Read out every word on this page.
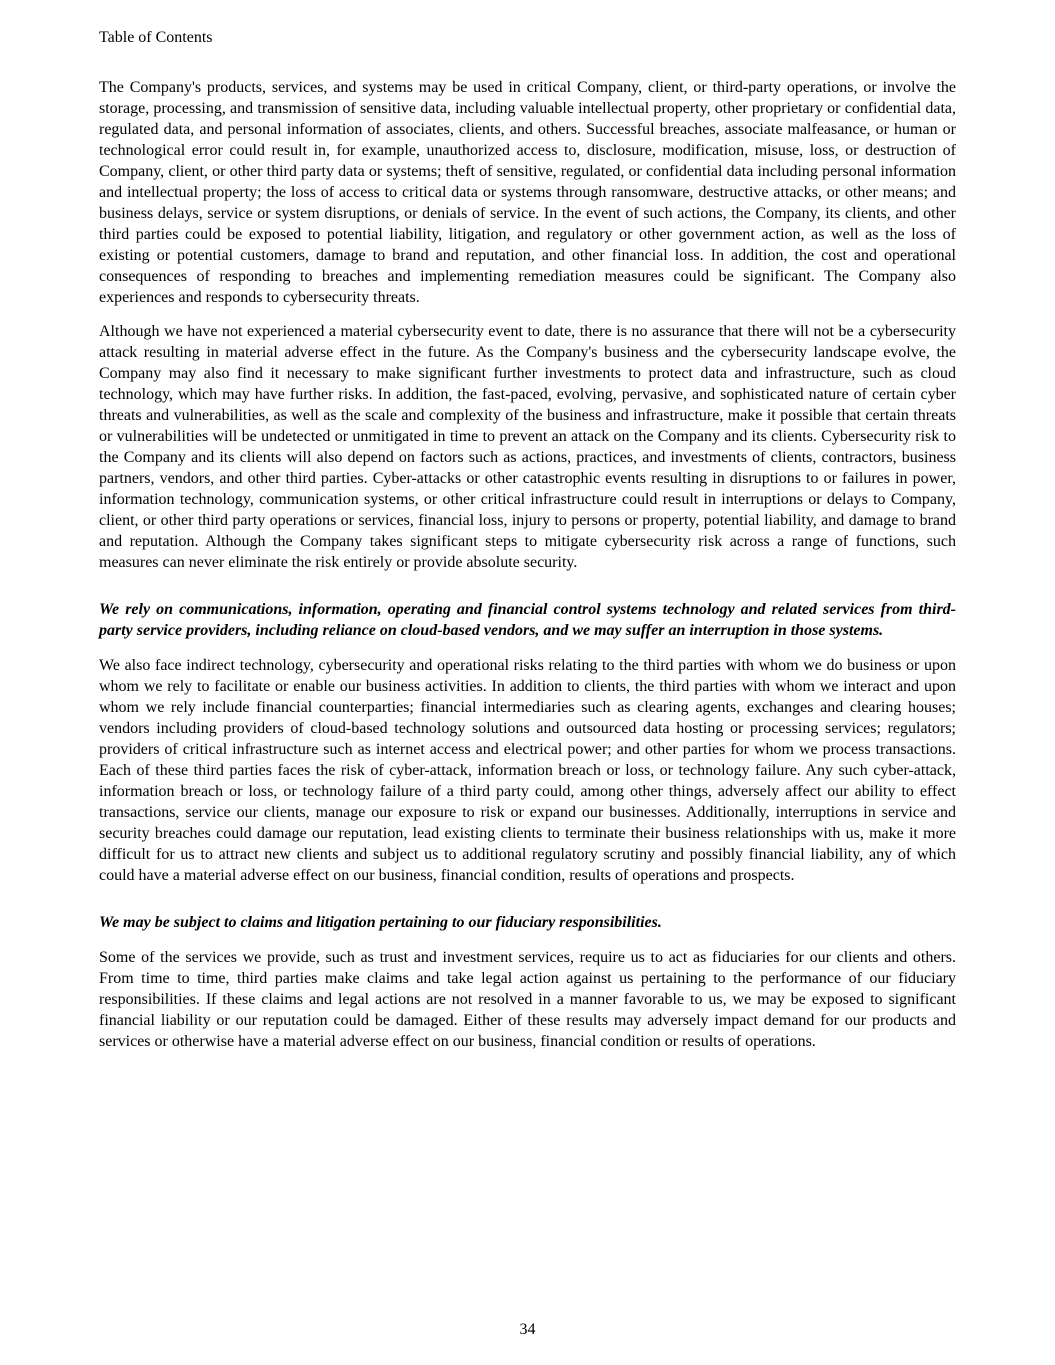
Table of Contents

The Company's products, services, and systems may be used in critical Company, client, or third-party operations, or involve the storage, processing, and transmission of sensitive data, including valuable intellectual property, other proprietary or confidential data, regulated data, and personal information of associates, clients, and others. Successful breaches, associate malfeasance, or human or technological error could result in, for example, unauthorized access to, disclosure, modification, misuse, loss, or destruction of Company, client, or other third party data or systems; theft of sensitive, regulated, or confidential data including personal information and intellectual property; the loss of access to critical data or systems through ransomware, destructive attacks, or other means; and business delays, service or system disruptions, or denials of service. In the event of such actions, the Company, its clients, and other third parties could be exposed to potential liability, litigation, and regulatory or other government action, as well as the loss of existing or potential customers, damage to brand and reputation, and other financial loss. In addition, the cost and operational consequences of responding to breaches and implementing remediation measures could be significant. The Company also experiences and responds to cybersecurity threats.

Although we have not experienced a material cybersecurity event to date, there is no assurance that there will not be a cybersecurity attack resulting in material adverse effect in the future. As the Company's business and the cybersecurity landscape evolve, the Company may also find it necessary to make significant further investments to protect data and infrastructure, such as cloud technology, which may have further risks. In addition, the fast-paced, evolving, pervasive, and sophisticated nature of certain cyber threats and vulnerabilities, as well as the scale and complexity of the business and infrastructure, make it possible that certain threats or vulnerabilities will be undetected or unmitigated in time to prevent an attack on the Company and its clients. Cybersecurity risk to the Company and its clients will also depend on factors such as actions, practices, and investments of clients, contractors, business partners, vendors, and other third parties. Cyber-attacks or other catastrophic events resulting in disruptions to or failures in power, information technology, communication systems, or other critical infrastructure could result in interruptions or delays to Company, client, or other third party operations or services, financial loss, injury to persons or property, potential liability, and damage to brand and reputation. Although the Company takes significant steps to mitigate cybersecurity risk across a range of functions, such measures can never eliminate the risk entirely or provide absolute security.

We rely on communications, information, operating and financial control systems technology and related services from third-party service providers, including reliance on cloud-based vendors, and we may suffer an interruption in those systems.

We also face indirect technology, cybersecurity and operational risks relating to the third parties with whom we do business or upon whom we rely to facilitate or enable our business activities. In addition to clients, the third parties with whom we interact and upon whom we rely include financial counterparties; financial intermediaries such as clearing agents, exchanges and clearing houses; vendors including providers of cloud-based technology solutions and outsourced data hosting or processing services; regulators; providers of critical infrastructure such as internet access and electrical power; and other parties for whom we process transactions. Each of these third parties faces the risk of cyber-attack, information breach or loss, or technology failure. Any such cyber-attack, information breach or loss, or technology failure of a third party could, among other things, adversely affect our ability to effect transactions, service our clients, manage our exposure to risk or expand our businesses. Additionally, interruptions in service and security breaches could damage our reputation, lead existing clients to terminate their business relationships with us, make it more difficult for us to attract new clients and subject us to additional regulatory scrutiny and possibly financial liability, any of which could have a material adverse effect on our business, financial condition, results of operations and prospects.

We may be subject to claims and litigation pertaining to our fiduciary responsibilities.

Some of the services we provide, such as trust and investment services, require us to act as fiduciaries for our clients and others. From time to time, third parties make claims and take legal action against us pertaining to the performance of our fiduciary responsibilities. If these claims and legal actions are not resolved in a manner favorable to us, we may be exposed to significant financial liability or our reputation could be damaged. Either of these results may adversely impact demand for our products and services or otherwise have a material adverse effect on our business, financial condition or results of operations.

34
